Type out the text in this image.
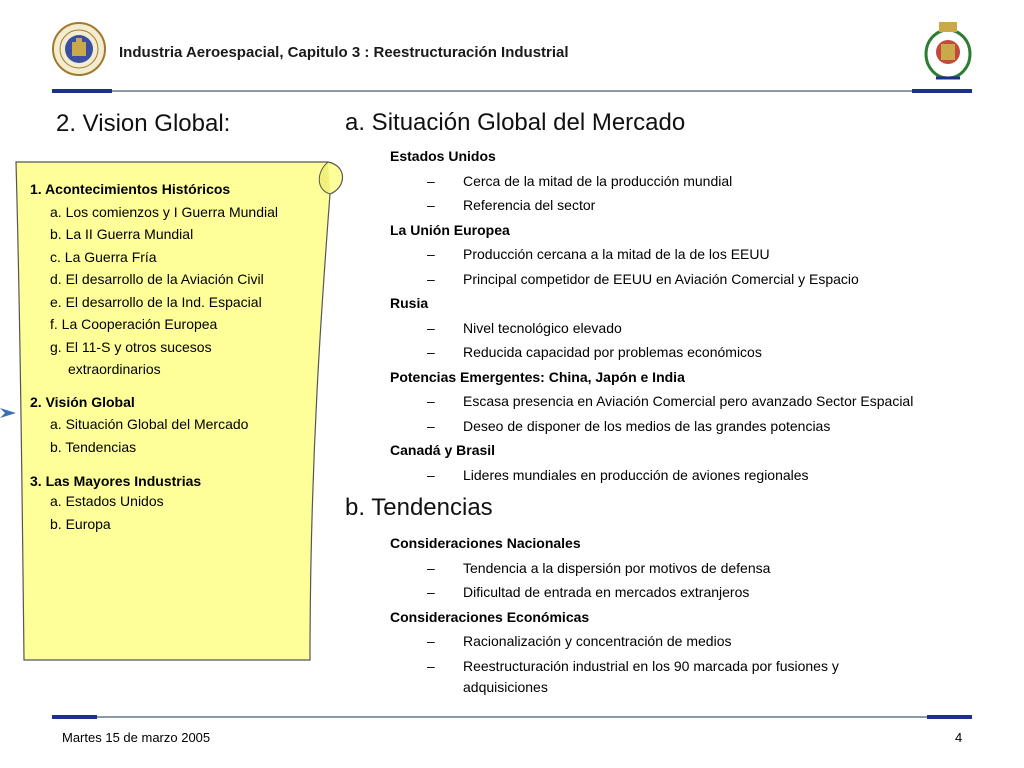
Industria Aeroespacial, Capitulo 3 : Reestructuración Industrial
2. Vision Global:
1. Acontecimientos Históricos
a. Los comienzos y I Guerra Mundial
b. La II Guerra Mundial
c. La Guerra Fría
d. El desarrollo de la Aviación Civil
e. El desarrollo de la Ind. Espacial
f. La Cooperación Europea
g. El 11-S y otros sucesos
extraordinarios
2. Visión Global
a. Situación Global del Mercado
b. Tendencias
3. Las Mayores Industrias
a. Estados Unidos
b. Europa
a. Situación Global del Mercado
Estados Unidos
–	Cerca de la mitad de la producción mundial
–	Referencia del sector
La Unión Europea
–	Producción cercana a la mitad de la de los EEUU
–	Principal competidor de EEUU en Aviación Comercial y Espacio
Rusia
–	Nivel tecnológico elevado
–	Reducida capacidad por problemas económicos
Potencias Emergentes: China, Japón e India
–	Escasa presencia en Aviación Comercial pero avanzado Sector Espacial
–	Deseo de disponer de los medios de las grandes potencias
Canadá y Brasil
–	Lideres mundiales en producción de aviones regionales
b. Tendencias
Consideraciones Nacionales
–	Tendencia a la dispersión por motivos de defensa
–	Dificultad de entrada en mercados extranjeros
Consideraciones Económicas
–	Racionalización y concentración de medios
–	Reestructuración industrial en los 90 marcada por fusiones y adquisiciones
Martes 15 de marzo 2005	4
